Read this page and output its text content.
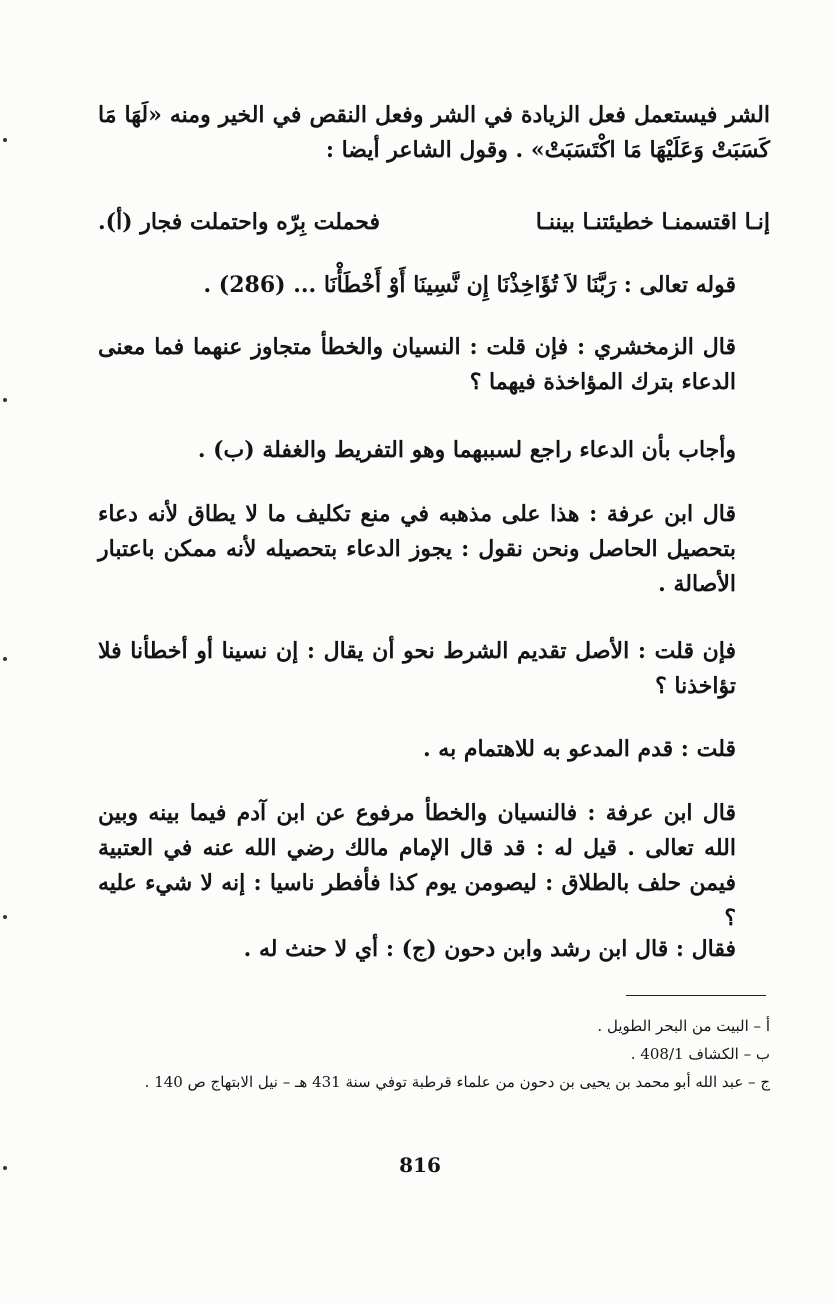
الشر فيستعمل فعل الزيادة في الشر وفعل النقص في الخير ومنه «لَهَا مَا كَسَبَتْ وَعَلَيْهَا مَا اكْتَسَبَتْ» . وقول الشاعر أيضا :

إنـا اقتسمنـا خطيئتنـا بيننـا
فحملت بِرّه واحتملت فجار (أ).

قوله تعالى : رَبَّنَا لاَ تُؤَاخِذْنَا إِن نَّسِينَا أَوْ أَخْطَأْنَا ... (286) .

قال الزمخشري : فإن قلت : النسيان والخطأ متجاوز عنهما فما معنى الدعاء بترك المؤاخذة فيهما ؟

وأجاب بأن الدعاء راجع لسببهما وهو التفريط والغفلة (ب) .

قال ابن عرفة : هذا على مذهبه في منع تكليف ما لا يطاق لأنه دعاء بتحصيل الحاصل ونحن نقول : يجوز الدعاء بتحصيله لأنه ممكن باعتبار الأصالة .

فإن قلت : الأصل تقديم الشرط نحو أن يقال : إن نسينا أو أخطأنا فلا تؤاخذنا ؟

قلت : قدم المدعو به للاهتمام به .

قال ابن عرفة : فالنسيان والخطأ مرفوع عن ابن آدم فيما بينه وبين الله تعالى . قيل له : قد قال الإمام مالك رضي الله عنه في العتبية فيمن حلف بالطلاق : ليصومن يوم كذا فأفطر ناسيا : إنه لا شيء عليه ؟

فقال : قال ابن رشد وابن دحون (ج) : أي لا حنث له .

أ – البيت من البحر الطويل .
ب – الكشاف 408/1 .
ج – عبد الله أبو محمد بن يحيى بن دحون من علماء قرطبة توفي سنة 431 هـ – نيل الابتهاج ص 140 .
816
